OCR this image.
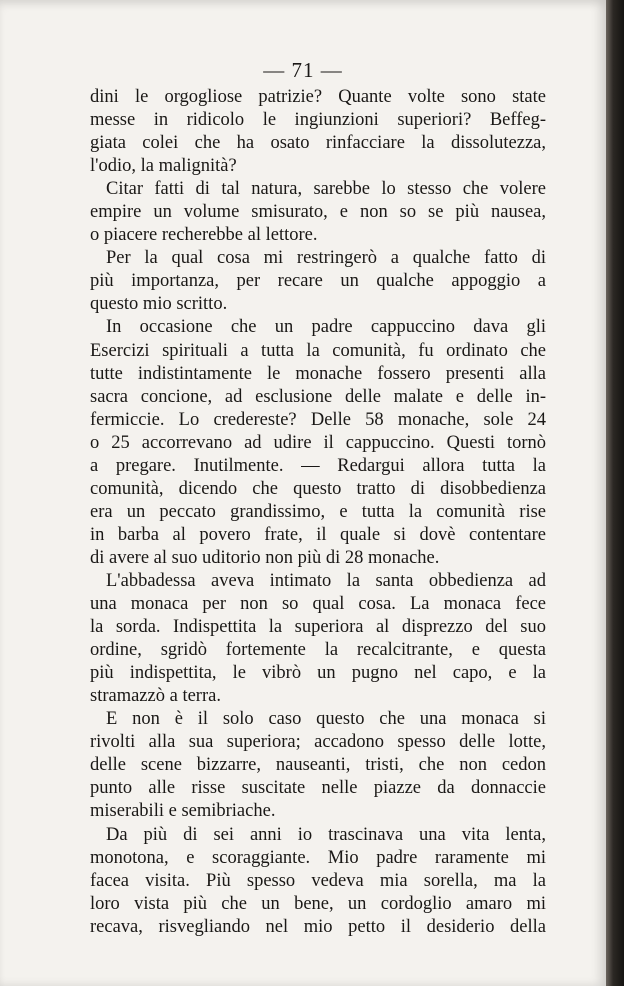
— 71 —
dini le orgogliose patrizie? Quante volte sono state
messe in ridicolo le ingiunzioni superiori? Beffeg-
giata colei che ha osato rinfacciare la dissolutezza,
l'odio, la malignità?
Citar fatti di tal natura, sarebbe lo stesso che volere
empire un volume smisurato, e non so se più nausea,
o piacere recherebbe al lettore.
Per la qual cosa mi restringerò a qualche fatto di
più importanza, per recare un qualche appoggio a
questo mio scritto.
In occasione che un padre cappuccino dava gli
Esercizi spirituali a tutta la comunità, fu ordinato che
tutte indistintamente le monache fossero presenti alla
sacra concione, ad esclusione delle malate e delle in-
fermiccie. Lo credereste? Delle 58 monache, sole 24
o 25 accorrevano ad udire il cappuccino. Questi tornò
a pregare. Inutilmente. — Redargui allora tutta la
comunità, dicendo che questo tratto di disobbedienza
era un peccato grandissimo, e tutta la comunità rise
in barba al povero frate, il quale si dovè contentare
di avere al suo uditorio non più di 28 monache.
L'abbadessa aveva intimato la santa obbedienza ad
una monaca per non so qual cosa. La monaca fece
la sorda. Indispettita la superiora al disprezzo del suo
ordine, sgridò fortemente la recalcitrante, e questa
più indispettita, le vibrò un pugno nel capo, e la
stramazzò a terra.
E non è il solo caso questo che una monaca si
rivolti alla sua superiora; accadono spesso delle lotte,
delle scene bizzarre, nauseanti, tristi, che non cedon
punto alle risse suscitate nelle piazze da donnaccie
miserabili e semibriache.
Da più di sei anni io trascinava una vita lenta,
monotona, e scoraggiante. Mio padre raramente mi
facea visita. Più spesso vedeva mia sorella, ma la
loro vista più che un bene, un cordoglio amaro mi
recava, risvegliando nel mio petto il desiderio della
